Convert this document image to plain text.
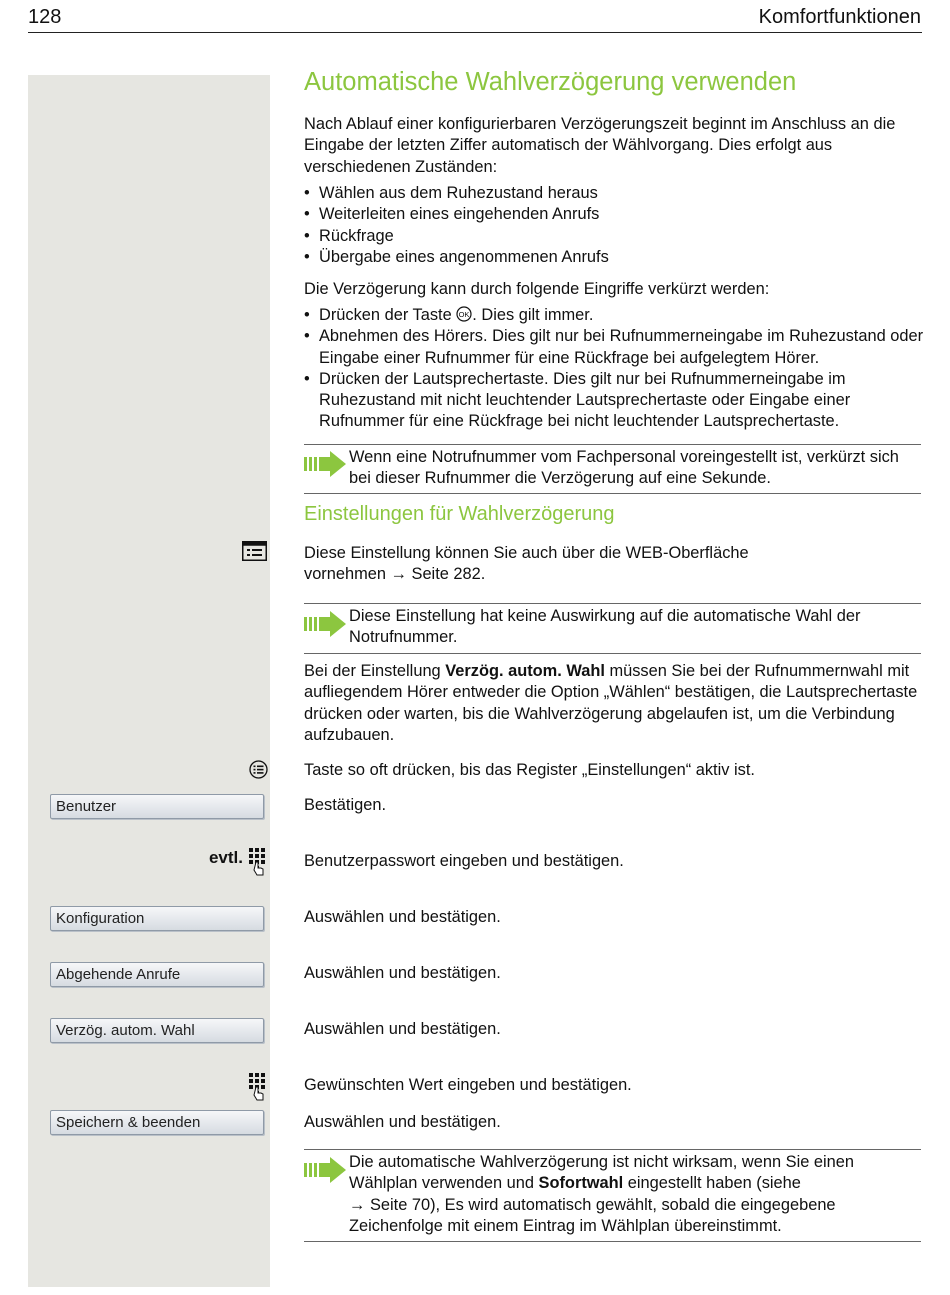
128	Komfortfunktionen
Automatische Wahlverzögerung verwenden
Nach Ablauf einer konfigurierbaren Verzögerungszeit beginnt im Anschluss an die Eingabe der letzten Ziffer automatisch der Wählvorgang. Dies erfolgt aus verschiedenen Zuständen:
• Wählen aus dem Ruhezustand heraus
• Weiterleiten eines eingehenden Anrufs
• Rückfrage
• Übergabe eines angenommenen Anrufs
Die Verzögerung kann durch folgende Eingriffe verkürzt werden:
• Drücken der Taste OK . Dies gilt immer.
• Abnehmen des Hörers. Dies gilt nur bei Rufnummerneingabe im Ruhezustand oder Eingabe einer Rufnummer für eine Rückfrage bei aufgelegtem Hörer.
• Drücken der Lautsprechertaste. Dies gilt nur bei Rufnummerneingabe im Ruhezustand mit nicht leuchtender Lautsprechertaste oder Eingabe einer Rufnummer für eine Rückfrage bei nicht leuchtender Lautsprechertaste.
Wenn eine Notrufnummer vom Fachpersonal voreingestellt ist, verkürzt sich bei dieser Rufnummer die Verzögerung auf eine Sekunde.
Einstellungen für Wahlverzögerung
Diese Einstellung können Sie auch über die WEB-Oberfläche vornehmen → Seite 282.
Diese Einstellung hat keine Auswirkung auf die automatische Wahl der Notrufnummer.
Bei der Einstellung Verzög. autom. Wahl müssen Sie bei der Rufnummernwahl mit aufliegendem Hörer entweder die Option „Wählen“ bestätigen, die Lautsprechertaste drücken oder warten, bis die Wahlverzögerung abgelaufen ist, um die Verbindung aufzubauen.
Taste so oft drücken, bis das Register „Einstellungen“ aktiv ist.
Benutzer	Bestätigen.
evtl.	Benutzerpasswort eingeben und bestätigen.
Konfiguration	Auswählen und bestätigen.
Abgehende Anrufe	Auswählen und bestätigen.
Verzög. autom. Wahl	Auswählen und bestätigen.
Gewünschten Wert eingeben und bestätigen.
Speichern & beenden	Auswählen und bestätigen.
Die automatische Wahlverzögerung ist nicht wirksam, wenn Sie einen Wählplan verwenden und Sofortwahl eingestellt haben (siehe
→ Seite 70), Es wird automatisch gewählt, sobald die eingegebene Zeichenfolge mit einem Eintrag im Wählplan übereinstimmt.
